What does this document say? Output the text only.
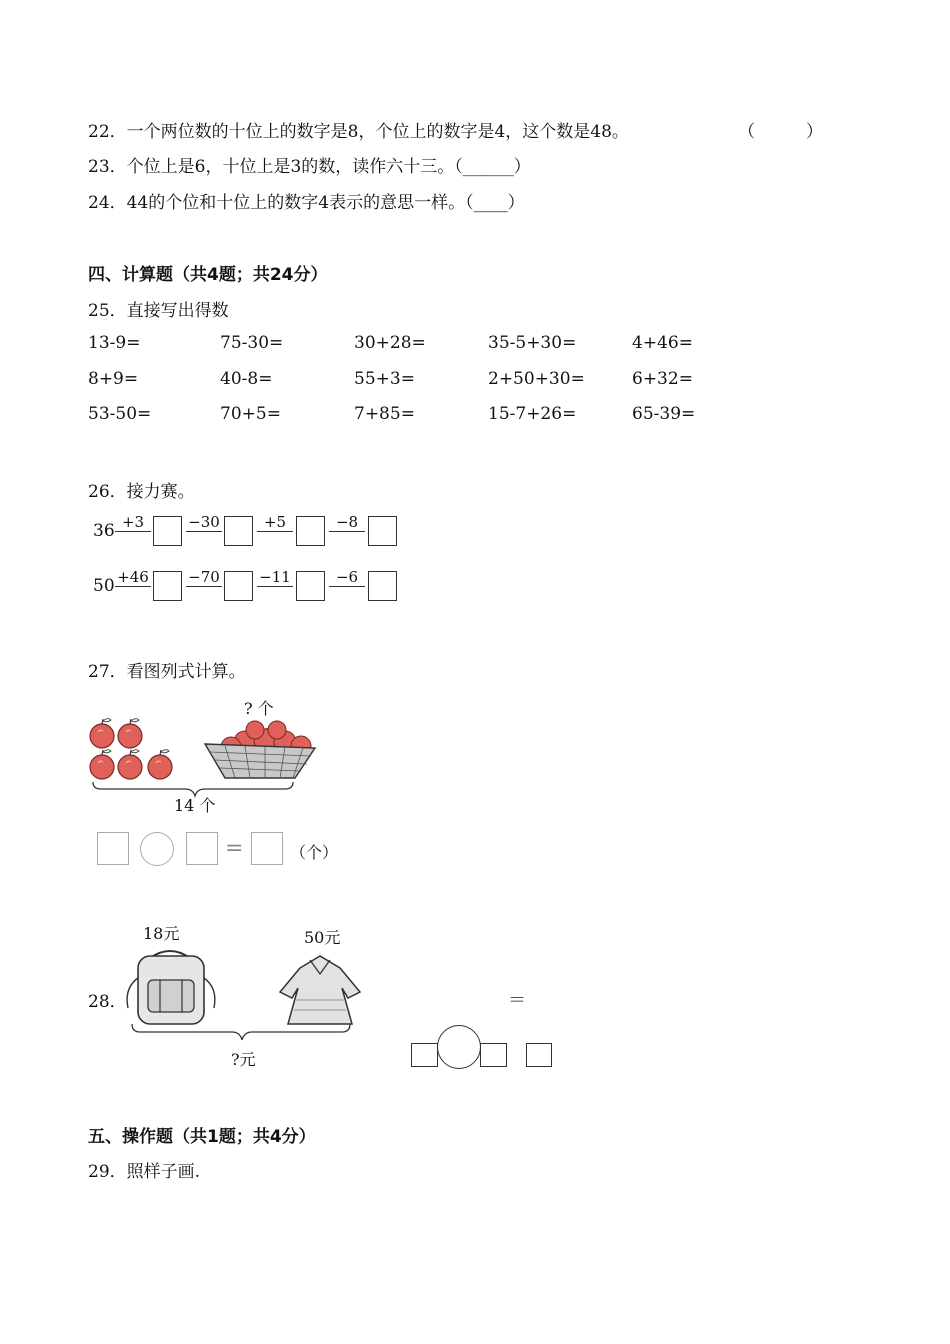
22．一个两位数的十位上的数字是8，个位上的数字是4，这个数是48。	（	）
23．个位上是6，十位上是3的数，读作六十三。（______）
24．44的个位和十位上的数字4表示的意思一样。（____）
四、计算题（共4题；共24分）
25．直接写出得数
13-9=	75-30=	30+28=	35-5+30=	4+46=
8+9=	40-8=	55+3=	2+50+30=	6+32=
53-50=	70+5=	7+85=	15-7+26=	65-39=
26．接力赛。
36 +3	−30	+5	−8
50 +46	−70	−11	−6
27．看图列式计算。
? 个
14 个
=	（个）
18元	50元
28．
?元
＝
五、操作题（共1题；共4分）
29．照样子画.
